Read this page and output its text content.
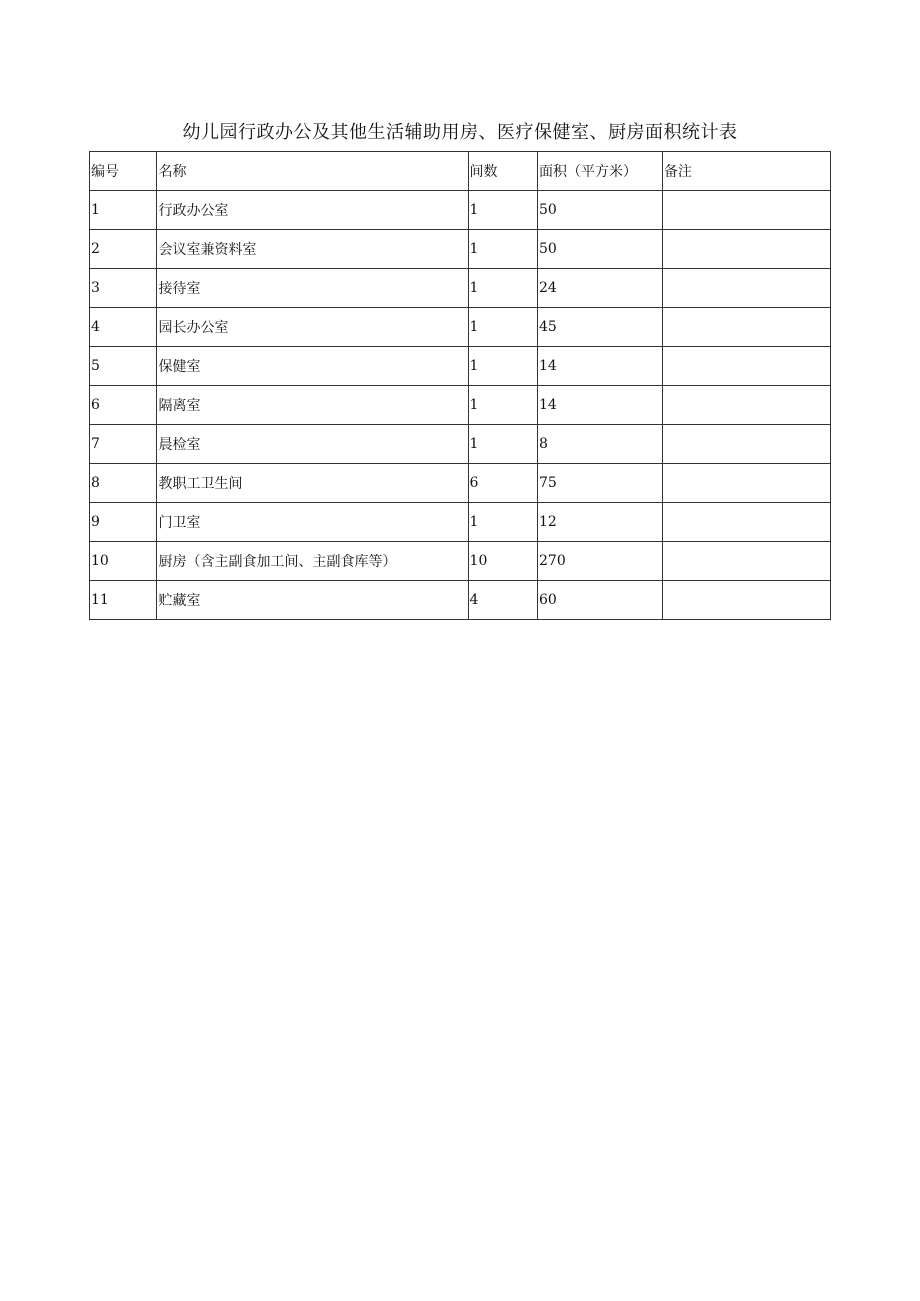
幼儿园行政办公及其他生活辅助用房、医疗保健室、厨房面积统计表
编号	名称	间数	面积（平方米）	备注
1	行政办公室	1	50	
2	会议室兼资料室	1	50	
3	接待室	1	24	
4	园长办公室	1	45	
5	保健室	1	14	
6	隔离室	1	14	
7	晨检室	1	8	
8	教职工卫生间	6	75	
9	门卫室	1	12	
10	厨房（含主副食加工间、主副食库等）	10	270	
11	贮藏室	4	60	
